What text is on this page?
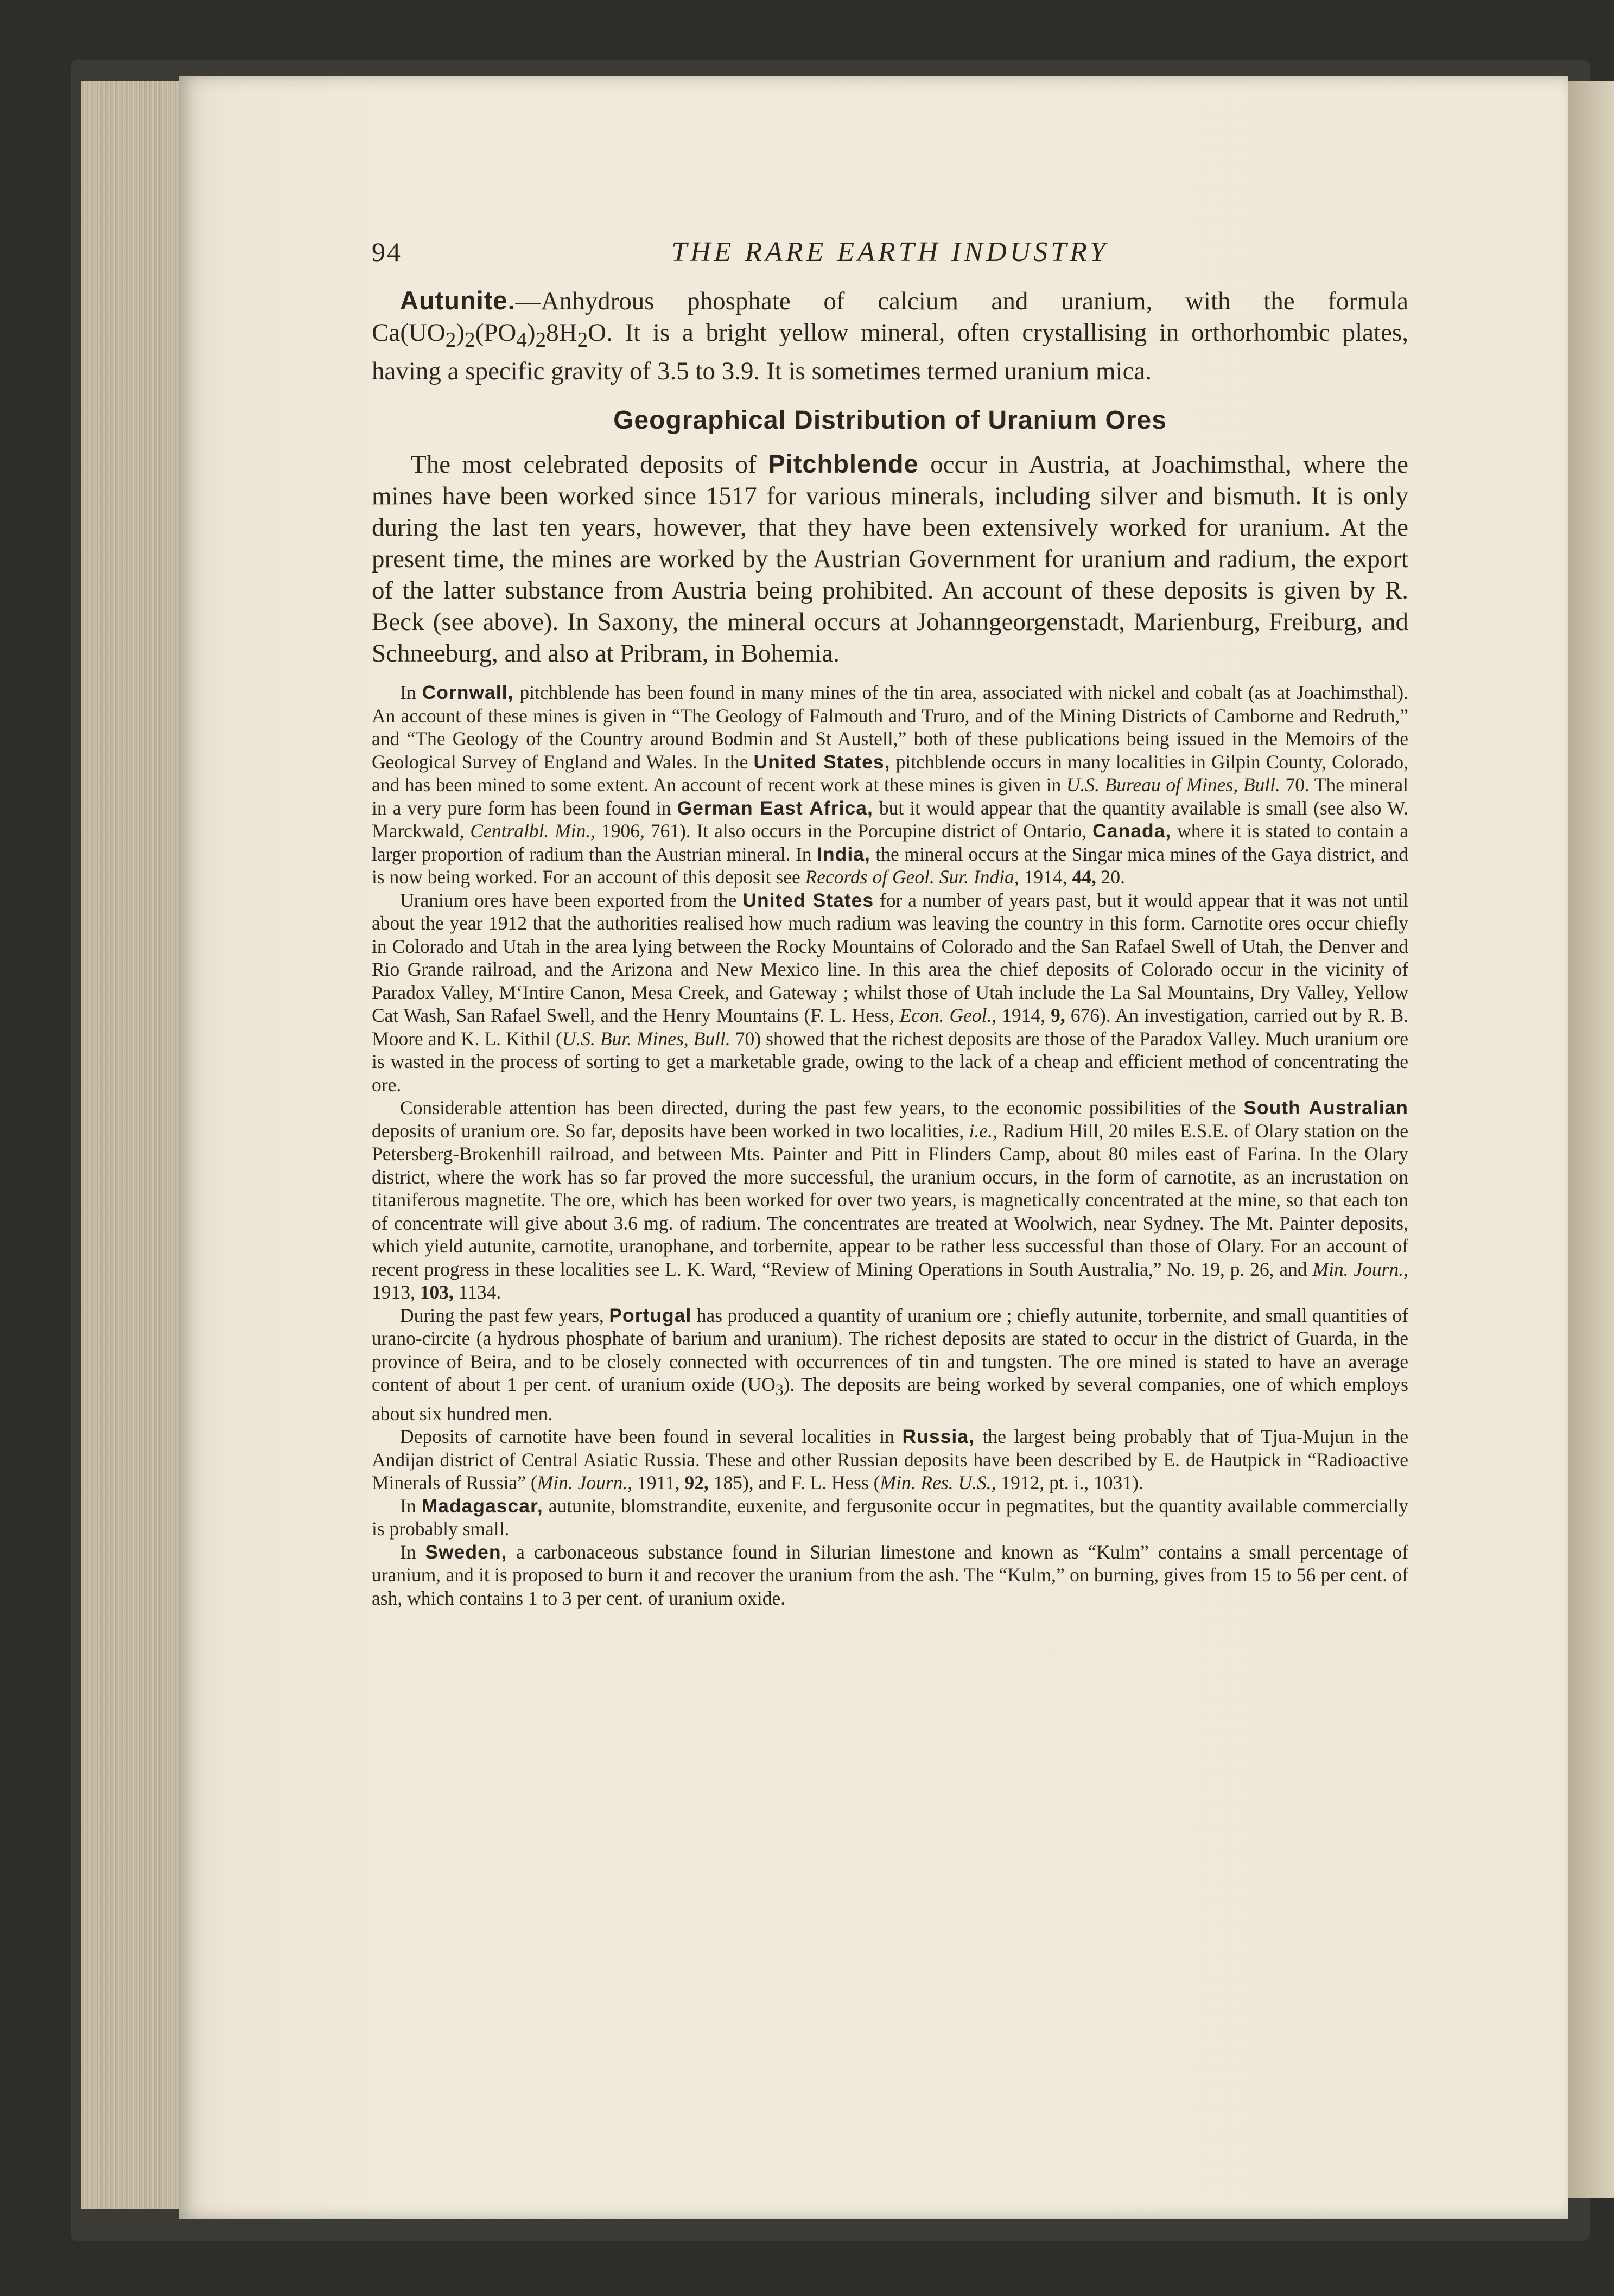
94	THE RARE EARTH INDUSTRY

Autunite.—Anhydrous phosphate of calcium and uranium, with the formula $Ca(UO_2)_2(PO_4)_28H_2O$. It is a bright yellow mineral, often crystallising in orthorhombic plates, having a specific gravity of 3.5 to 3.9. It is sometimes termed uranium mica.

Geographical Distribution of Uranium Ores

The most celebrated deposits of Pitchblende occur in Austria, at Joachimsthal, where the mines have been worked since 1517 for various minerals, including silver and bismuth. It is only during the last ten years, however, that they have been extensively worked for uranium. At the present time, the mines are worked by the Austrian Government for uranium and radium, the export of the latter substance from Austria being prohibited. An account of these deposits is given by R. Beck (see above). In Saxony, the mineral occurs at Johanngeorgenstadt, Marienburg, Freiburg, and Schneeburg, and also at Pribram, in Bohemia.

In Cornwall, pitchblende has been found in many mines of the tin area, associated with nickel and cobalt (as at Joachimsthal). An account of these mines is given in “The Geology of Falmouth and Truro, and of the Mining Districts of Camborne and Redruth,” and “The Geology of the Country around Bodmin and St Austell,” both of these publications being issued in the Memoirs of the Geological Survey of England and Wales. In the United States, pitchblende occurs in many localities in Gilpin County, Colorado, and has been mined to some extent. An account of recent work at these mines is given in U.S. Bureau of Mines, Bull. 70. The mineral in a very pure form has been found in German East Africa, but it would appear that the quantity available is small (see also W. Marckwald, Centralbl. Min., 1906, 761). It also occurs in the Porcupine district of Ontario, Canada, where it is stated to contain a larger proportion of radium than the Austrian mineral. In India, the mineral occurs at the Singar mica mines of the Gaya district, and is now being worked. For an account of this deposit see Records of Geol. Sur. India, 1914, 44, 20.

Uranium ores have been exported from the United States for a number of years past, but it would appear that it was not until about the year 1912 that the authorities realised how much radium was leaving the country in this form. Carnotite ores occur chiefly in Colorado and Utah in the area lying between the Rocky Mountains of Colorado and the San Rafael Swell of Utah, the Denver and Rio Grande railroad, and the Arizona and New Mexico line. In this area the chief deposits of Colorado occur in the vicinity of Paradox Valley, M‘Intire Canon, Mesa Creek, and Gateway ; whilst those of Utah include the La Sal Mountains, Dry Valley, Yellow Cat Wash, San Rafael Swell, and the Henry Mountains (F. L. Hess, Econ. Geol., 1914, 9, 676). An investigation, carried out by R. B. Moore and K. L. Kithil (U.S. Bur. Mines, Bull. 70) showed that the richest deposits are those of the Paradox Valley. Much uranium ore is wasted in the process of sorting to get a marketable grade, owing to the lack of a cheap and efficient method of concentrating the ore.

Considerable attention has been directed, during the past few years, to the economic possibilities of the South Australian deposits of uranium ore. So far, deposits have been worked in two localities, i.e., Radium Hill, 20 miles E.S.E. of Olary station on the Petersberg-Brokenhill railroad, and between Mts. Painter and Pitt in Flinders Camp, about 80 miles east of Farina. In the Olary district, where the work has so far proved the more successful, the uranium occurs, in the form of carnotite, as an incrustation on titaniferous magnetite. The ore, which has been worked for over two years, is magnetically concentrated at the mine, so that each ton of concentrate will give about 3.6 mg. of radium. The concentrates are treated at Woolwich, near Sydney. The Mt. Painter deposits, which yield autunite, carnotite, uranophane, and torbernite, appear to be rather less successful than those of Olary. For an account of recent progress in these localities see L. K. Ward, “Review of Mining Operations in South Australia,” No. 19, p. 26, and Min. Journ., 1913, 103, 1134.

During the past few years, Portugal has produced a quantity of uranium ore ; chiefly autunite, torbernite, and small quantities of urano-circite (a hydrous phosphate of barium and uranium). The richest deposits are stated to occur in the district of Guarda, in the province of Beira, and to be closely connected with occurrences of tin and tungsten. The ore mined is stated to have an average content of about 1 per cent. of uranium oxide $(UO_3)$. The deposits are being worked by several companies, one of which employs about six hundred men.

Deposits of carnotite have been found in several localities in Russia, the largest being probably that of Tjua-Mujun in the Andijan district of Central Asiatic Russia. These and other Russian deposits have been described by E. de Hautpick in “Radioactive Minerals of Russia” (Min. Journ., 1911, 92, 185), and F. L. Hess (Min. Res. U.S., 1912, pt. i., 1031).

In Madagascar, autunite, blomstrandite, euxenite, and fergusonite occur in pegmatites, but the quantity available commercially is probably small.

In Sweden, a carbonaceous substance found in Silurian limestone and known as “Kulm” contains a small percentage of uranium, and it is proposed to burn it and recover the uranium from the ash. The “Kulm,” on burning, gives from 15 to 56 per cent. of ash, which contains 1 to 3 per cent. of uranium oxide.
